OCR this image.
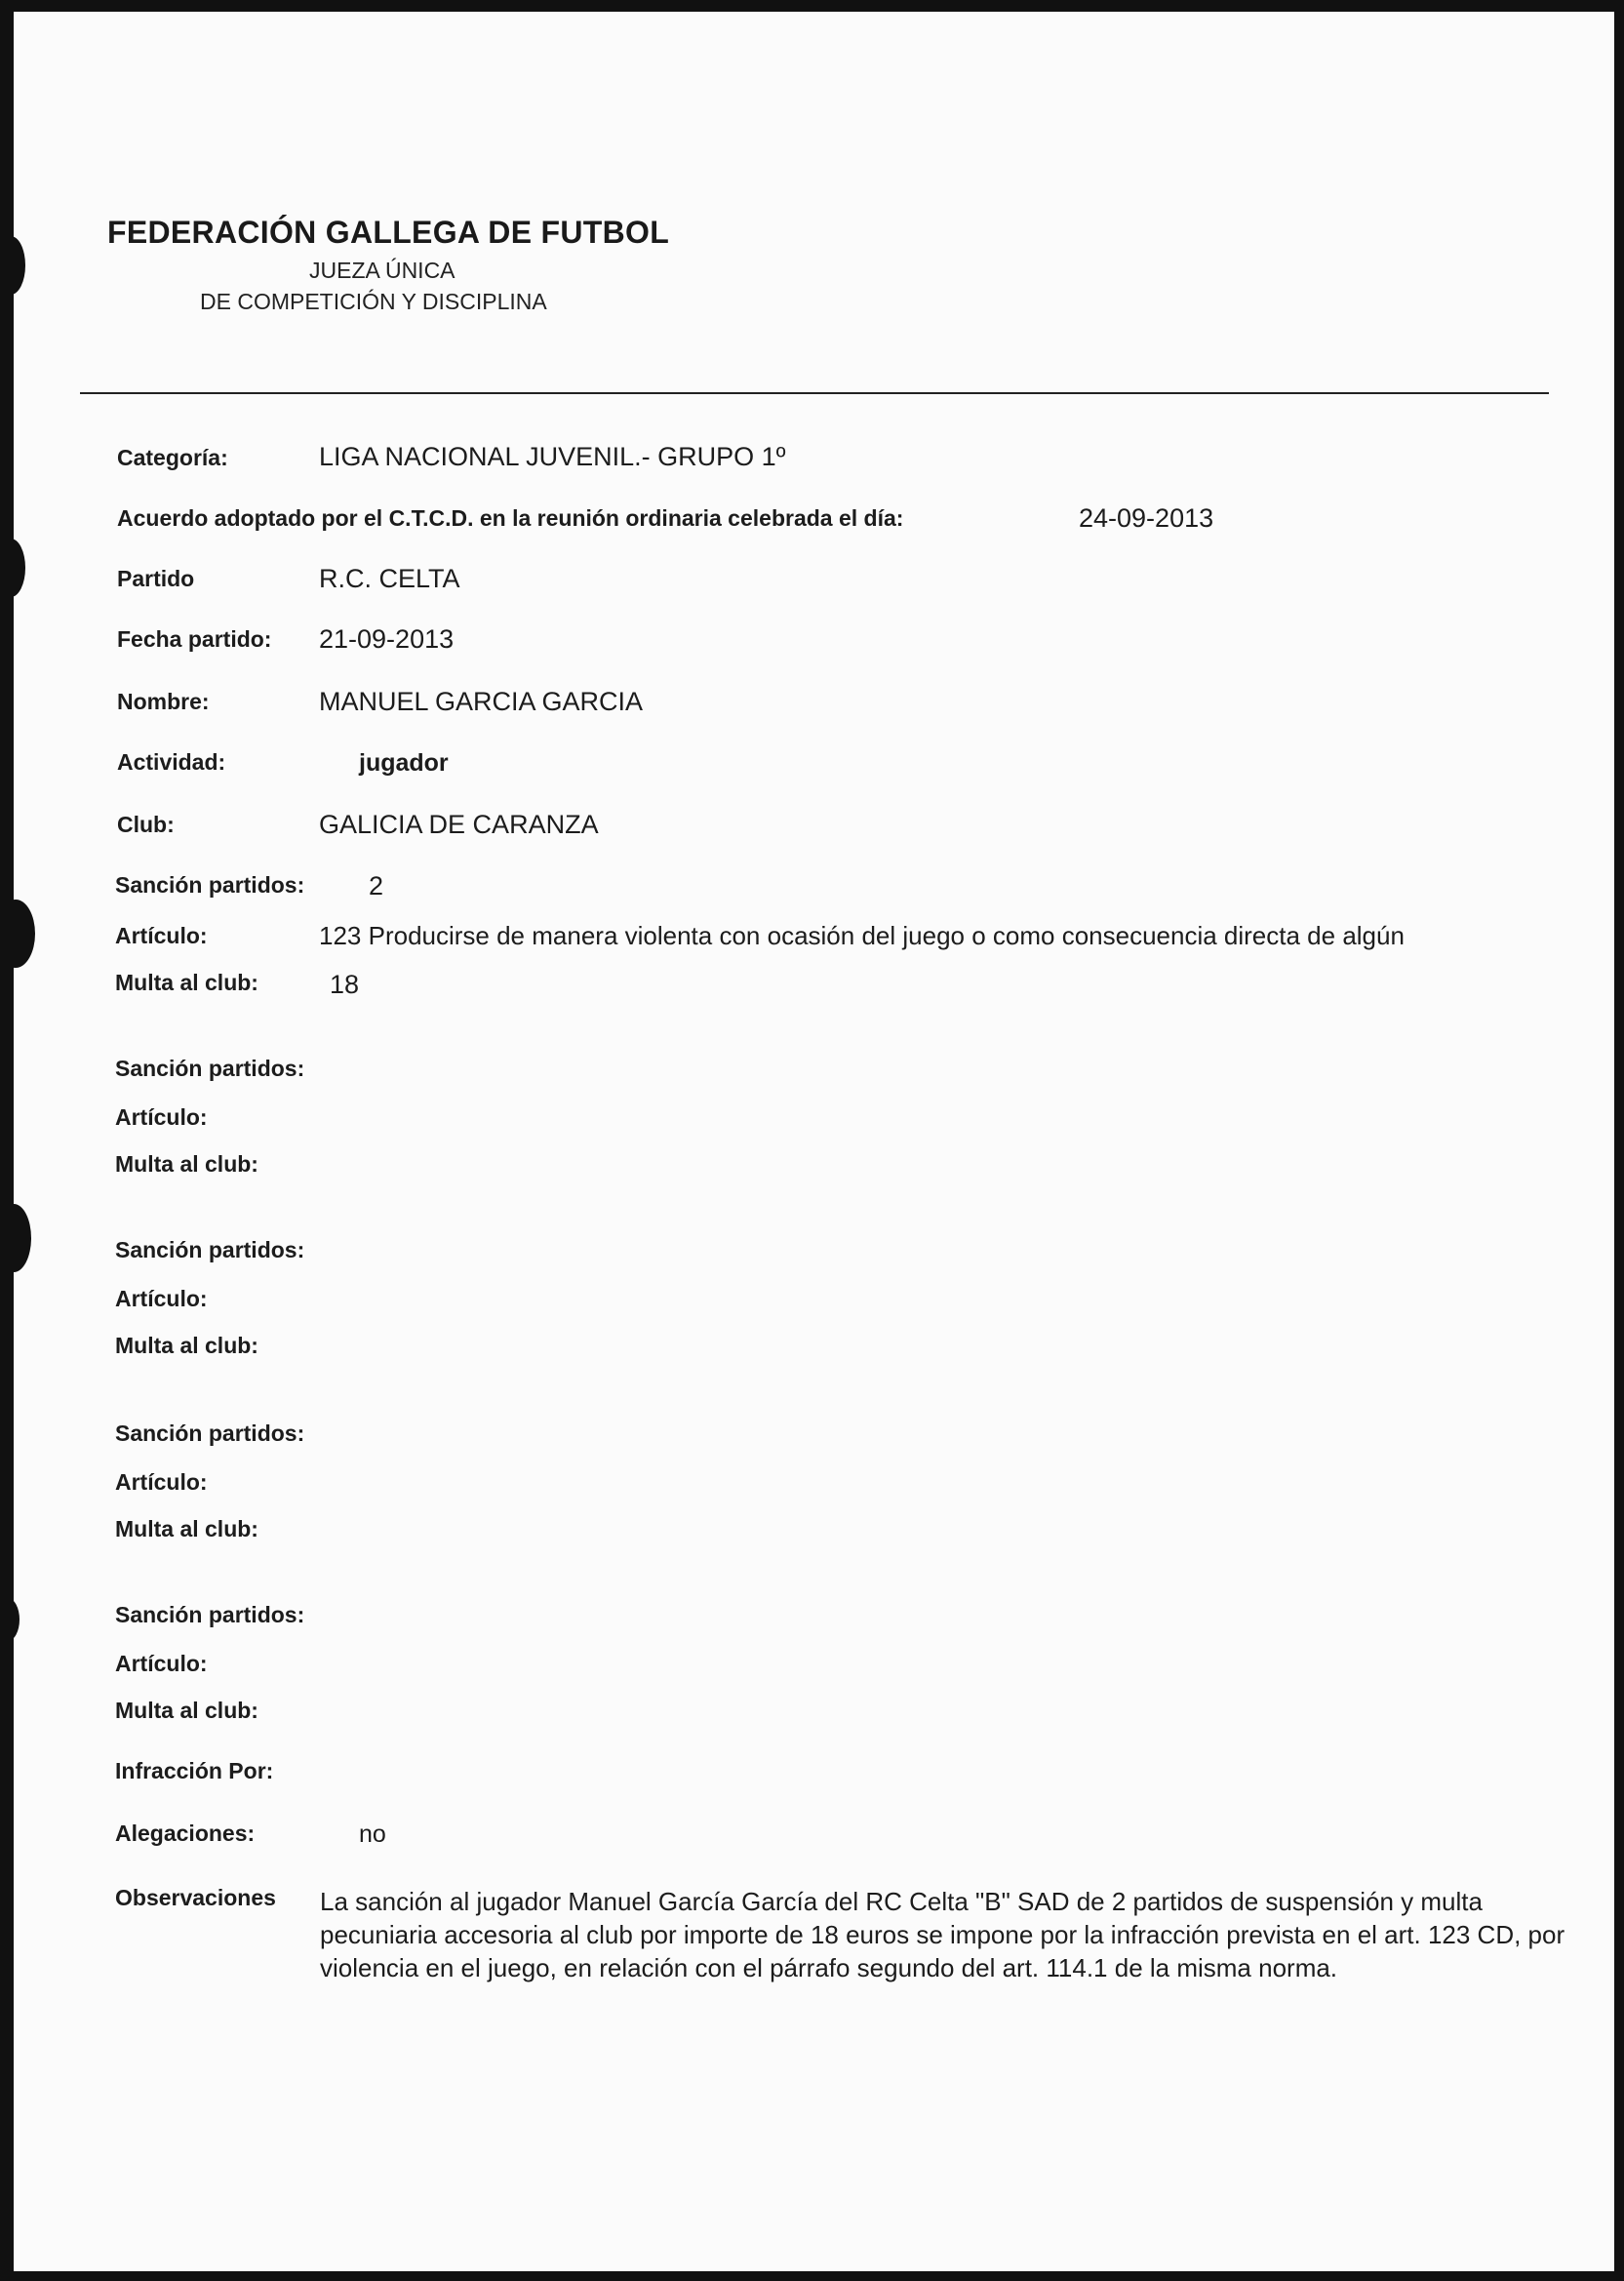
FEDERACIÓN GALLEGA DE FUTBOL
JUEZA ÚNICA
DE COMPETICIÓN Y DISCIPLINA
Categoría:	LIGA NACIONAL JUVENIL.- GRUPO 1º
Acuerdo adoptado por el C.T.C.D. en la reunión ordinaria celebrada el día:	24-09-2013
Partido	R.C. CELTA
Fecha partido: 21-09-2013
Nombre:	MANUEL GARCIA GARCIA
Actividad:	jugador
Club:	GALICIA DE CARANZA
Sanción partidos: 2
Artículo:	123 Producirse de manera violenta con ocasión del juego o como consecuencia directa de algún
Multa al club:	18
Sanción partidos:
Artículo:
Multa al club:
Sanción partidos:
Artículo:
Multa al club:
Sanción partidos:
Artículo:
Multa al club:
Sanción partidos:
Artículo:
Multa al club:
Infracción Por:
Alegaciones:	no
Observaciones La sanción al jugador Manuel García García del RC Celta "B" SAD de 2 partidos de suspensión y multa pecuniaria accesoria al club por importe de 18 euros se impone por la infracción prevista en el art. 123 CD, por violencia en el juego, en relación con el párrafo segundo del art. 114.1 de la misma norma.
